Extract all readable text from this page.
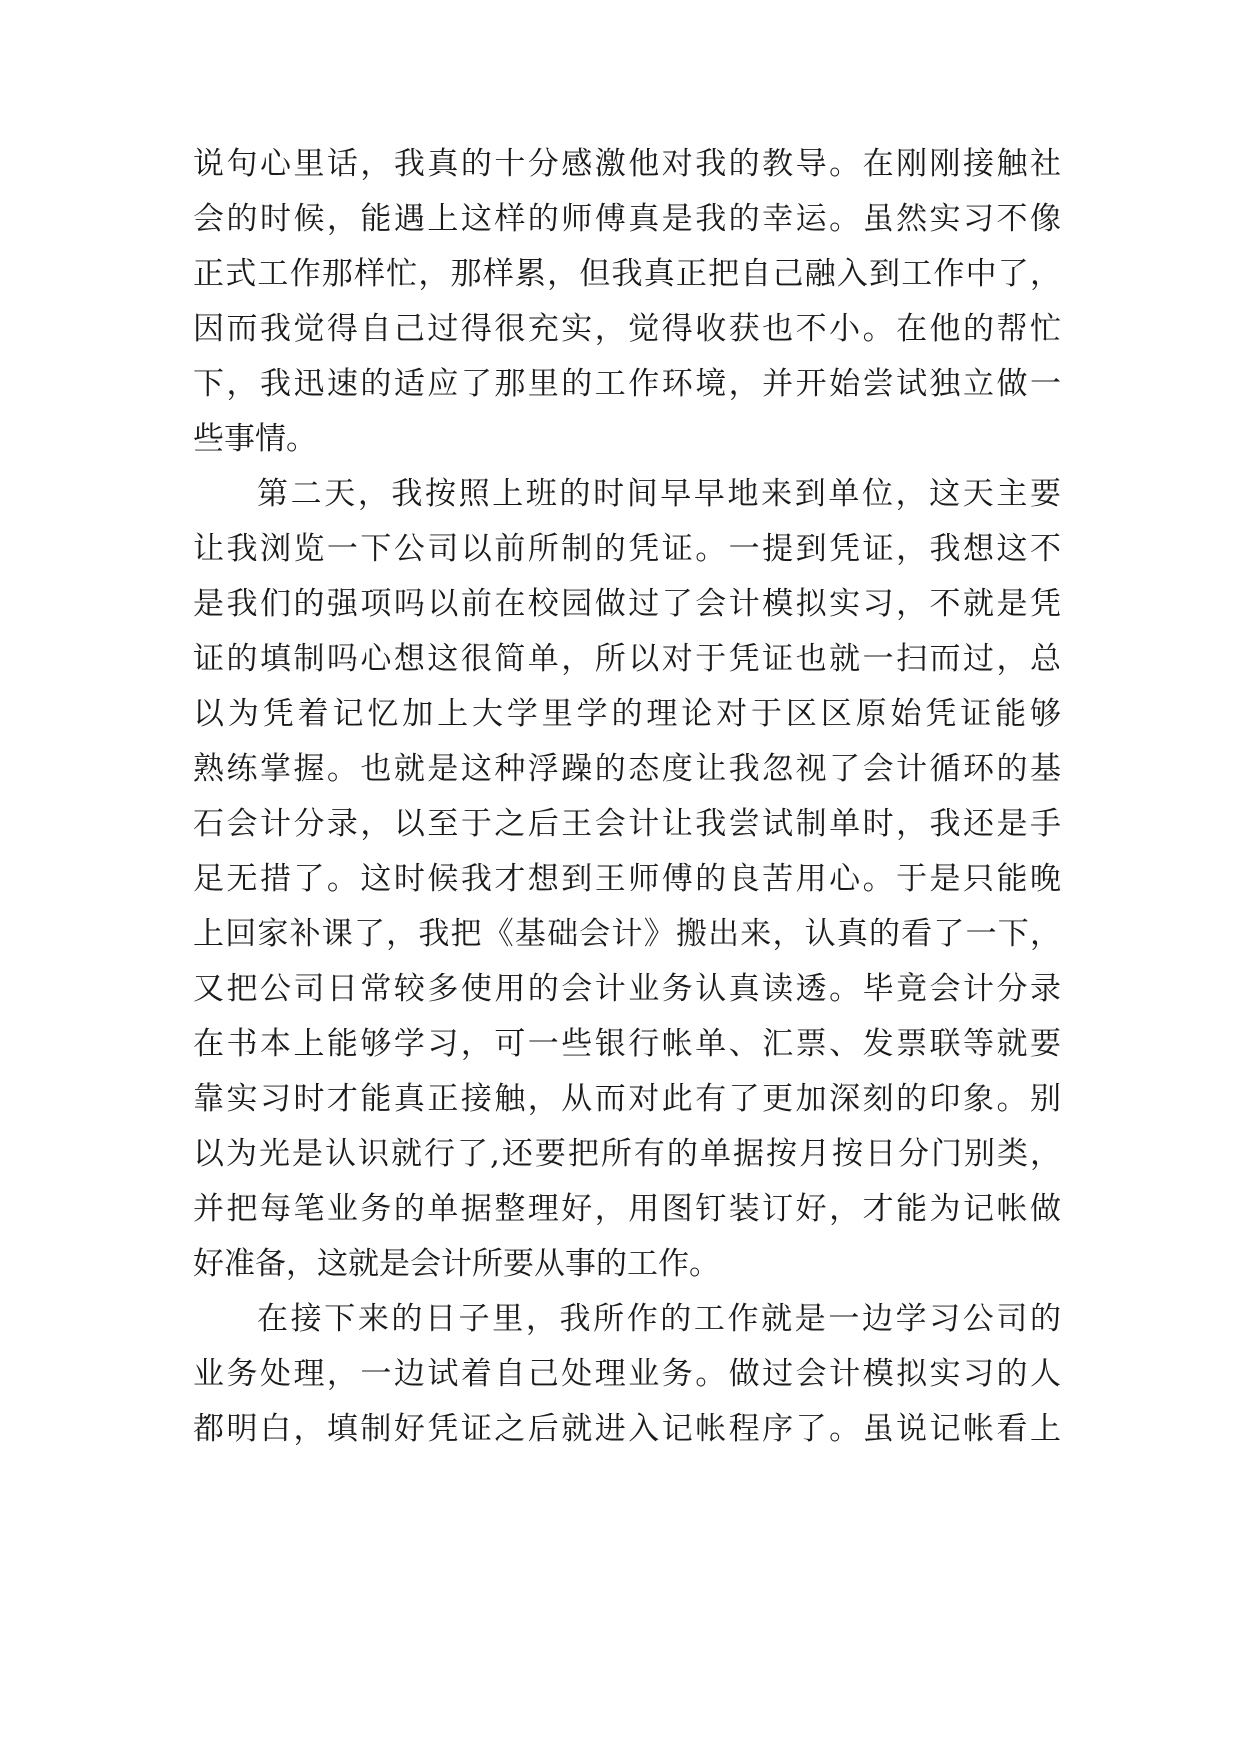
说句心里话，我真的十分感激他对我的教导。在刚刚接触社
会的时候，能遇上这样的师傅真是我的幸运。虽然实习不像
正式工作那样忙，那样累，但我真正把自己融入到工作中了，
因而我觉得自己过得很充实，觉得收获也不小。在他的帮忙
下，我迅速的适应了那里的工作环境，并开始尝试独立做一
些事情。
第二天，我按照上班的时间早早地来到单位，这天主要
让我浏览一下公司以前所制的凭证。一提到凭证，我想这不
是我们的强项吗以前在校园做过了会计模拟实习，不就是凭
证的填制吗心想这很简单，所以对于凭证也就一扫而过，总
以为凭着记忆加上大学里学的理论对于区区原始凭证能够
熟练掌握。也就是这种浮躁的态度让我忽视了会计循环的基
石会计分录，以至于之后王会计让我尝试制单时，我还是手
足无措了。这时候我才想到王师傅的良苦用心。于是只能晚
上回家补课了，我把《基础会计》搬出来，认真的看了一下，
又把公司日常较多使用的会计业务认真读透。毕竟会计分录
在书本上能够学习，可一些银行帐单、汇票、发票联等就要
靠实习时才能真正接触，从而对此有了更加深刻的印象。别
以为光是认识就行了,还要把所有的单据按月按日分门别类，
并把每笔业务的单据整理好，用图钉装订好，才能为记帐做
好准备，这就是会计所要从事的工作。
在接下来的日子里，我所作的工作就是一边学习公司的
业务处理，一边试着自己处理业务。做过会计模拟实习的人
都明白，填制好凭证之后就进入记帐程序了。虽说记帐看上
